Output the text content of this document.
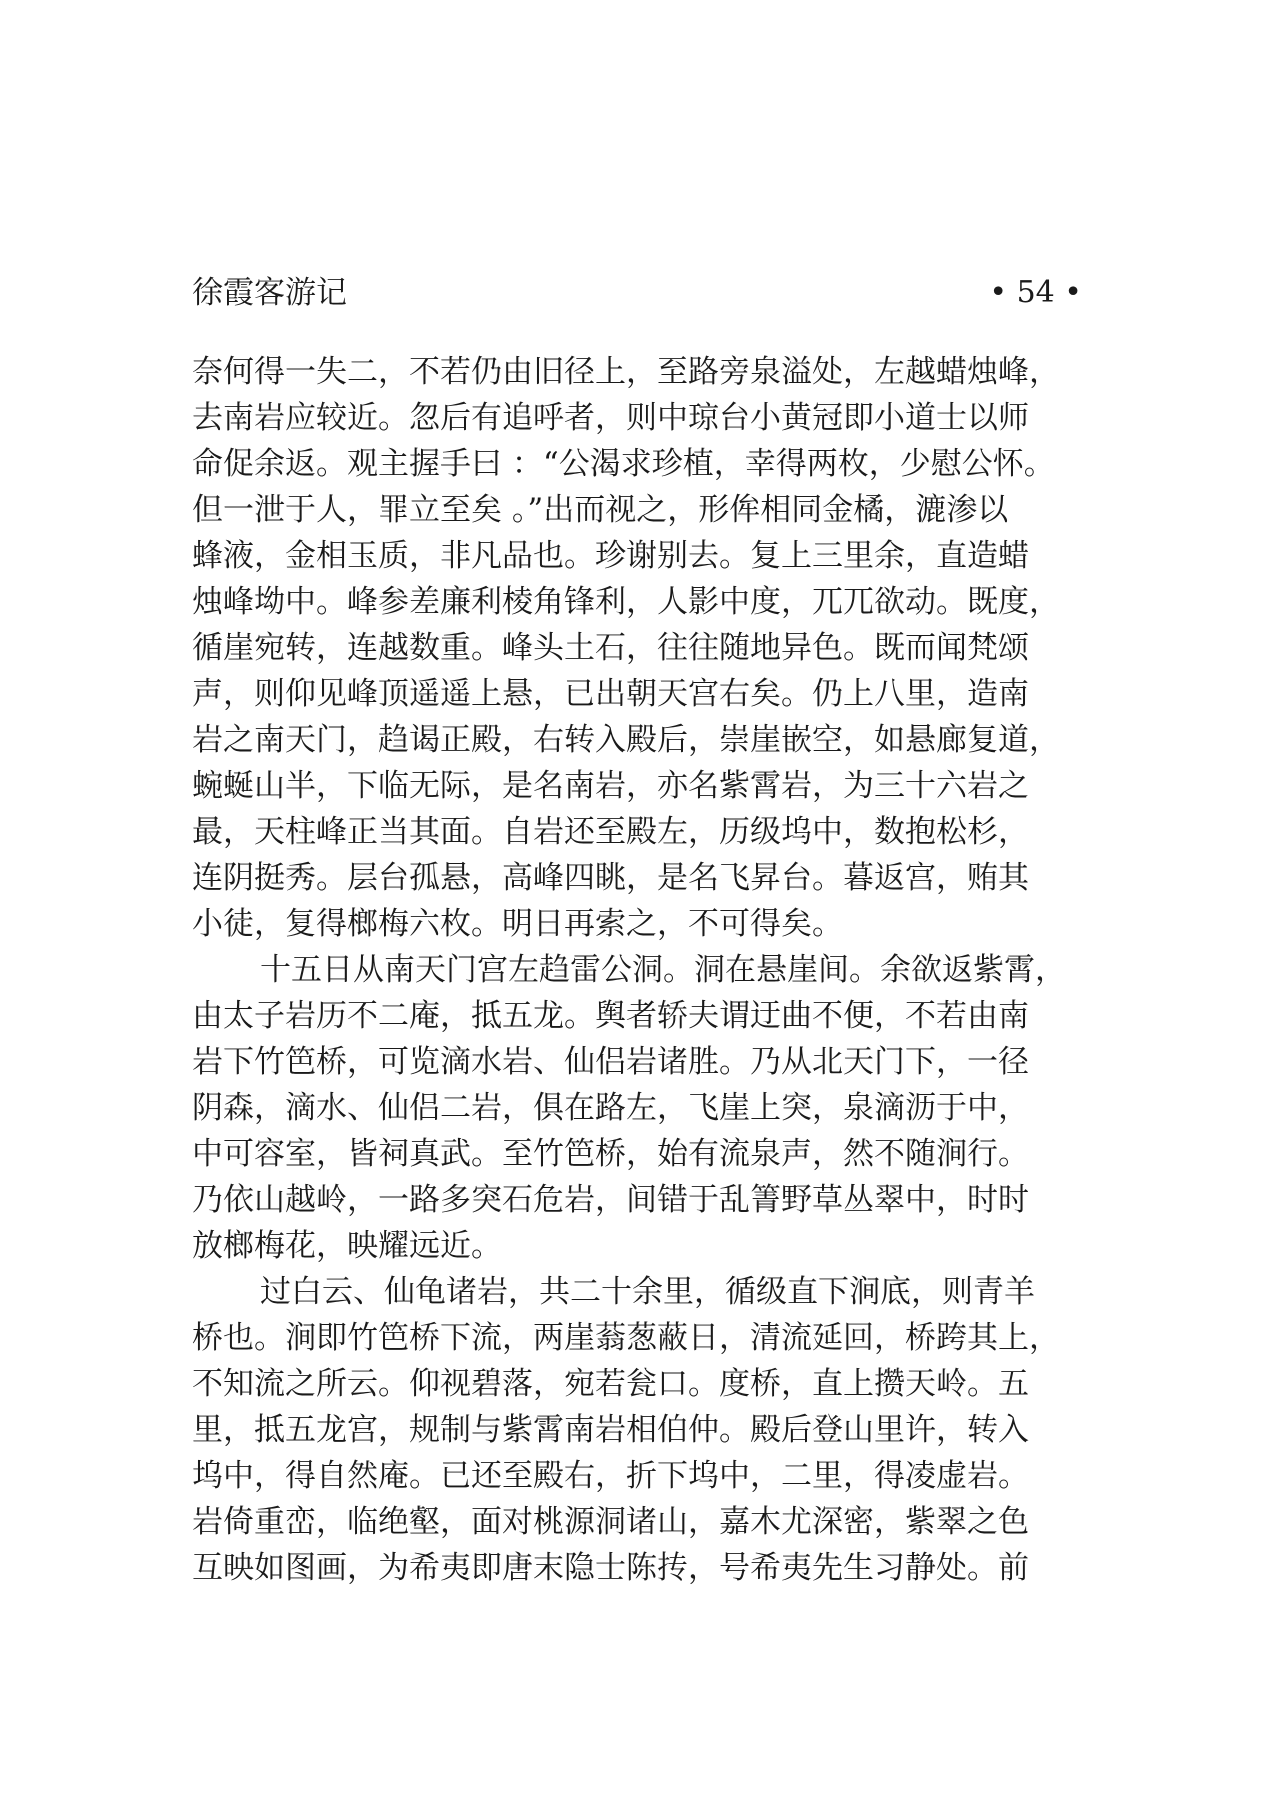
徐霞客游记	• 54 •
奈何得一失二，不若仍由旧径上，至路旁泉溢处，左越蜡烛峰，
去南岩应较近。忽后有追呼者，则中琼台小黄冠即小道士以师
命促余返。观主握手曰 ：“公渴求珍植，幸得两枚，少慰公怀。
但一泄于人，罪立至矣 。”出而视之，形侔相同金橘，漉渗以
蜂液，金相玉质，非凡品也。珍谢别去。复上三里余，直造蜡
烛峰坳中。峰参差廉利棱角锋利，人影中度，兀兀欲动。既度，
循崖宛转，连越数重。峰头土石，往往随地异色。既而闻梵颂
声，则仰见峰顶遥遥上悬，已出朝天宫右矣。仍上八里，造南
岩之南天门，趋谒正殿，右转入殿后，崇崖嵌空，如悬廊复道，
蜿蜒山半，下临无际，是名南岩，亦名紫霄岩，为三十六岩之
最，天柱峰正当其面。自岩还至殿左，历级坞中，数抱松杉，
连阴挺秀。层台孤悬，高峰四眺，是名飞昇台。暮返宫，贿其
小徒，复得榔梅六枚。明日再索之，不可得矣。
十五日从南天门宫左趋雷公洞。洞在悬崖间。余欲返紫霄，
由太子岩历不二庵，抵五龙。舆者轿夫谓迂曲不便，不若由南
岩下竹笆桥，可览滴水岩、仙侣岩诸胜。乃从北天门下，一径
阴森，滴水、仙侣二岩，俱在路左，飞崖上突，泉滴沥于中，
中可容室，皆祠真武。至竹笆桥，始有流泉声，然不随涧行。
乃依山越岭，一路多突石危岩，间错于乱箐野草丛翠中，时时
放榔梅花，映耀远近。
过白云、仙龟诸岩，共二十余里，循级直下涧底，则青羊
桥也。涧即竹笆桥下流，两崖蓊葱蔽日，清流延回，桥跨其上，
不知流之所云。仰视碧落，宛若瓮口。度桥，直上攒天岭。五
里，抵五龙宫，规制与紫霄南岩相伯仲。殿后登山里许，转入
坞中，得自然庵。已还至殿右，折下坞中，二里，得凌虚岩。
岩倚重峦，临绝壑，面对桃源洞诸山，嘉木尤深密，紫翠之色
互映如图画，为希夷即唐末隐士陈抟，号希夷先生习静处。前
